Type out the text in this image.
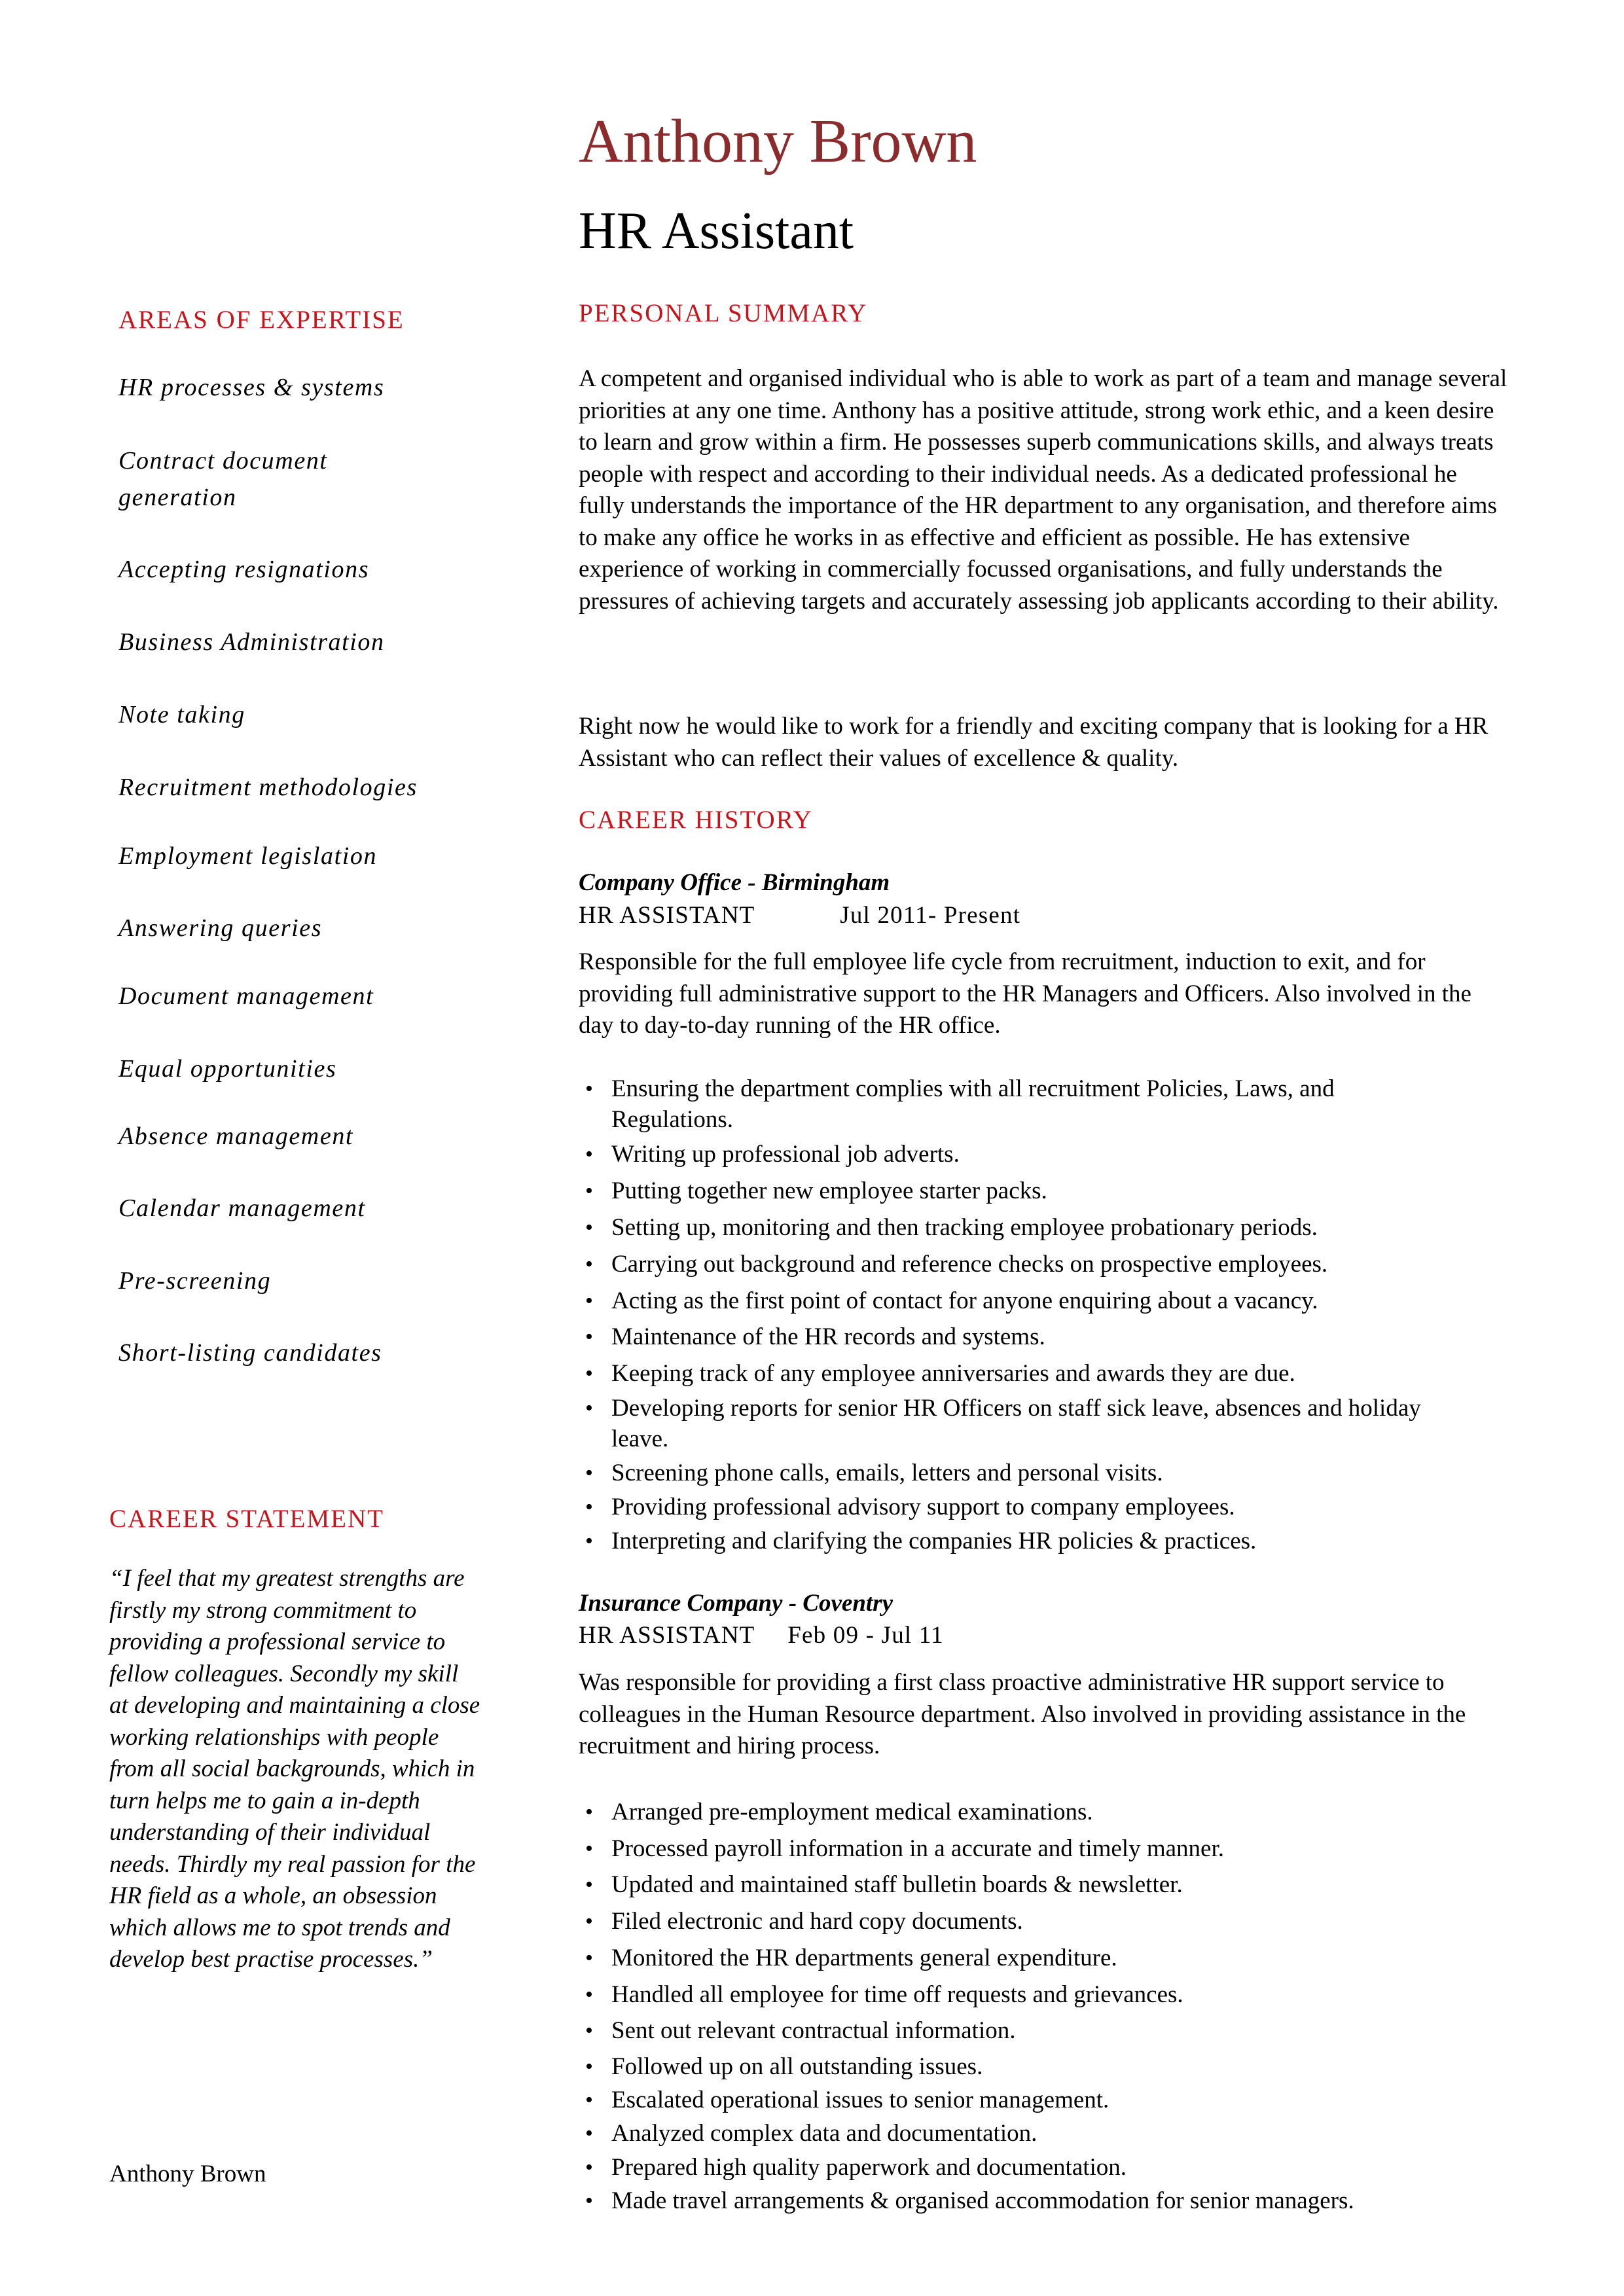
Anthony Brown
HR Assistant
AREAS OF EXPERTISE
HR processes & systems
Contract document generation
Accepting resignations
Business Administration
Note taking
Recruitment methodologies
Employment legislation
Answering queries
Document management
Equal opportunities
Absence management
Calendar management
Pre-screening
Short-listing candidates
CAREER STATEMENT
“I feel that my greatest strengths are firstly my strong commitment to providing a professional service to fellow colleagues. Secondly my skill at developing and maintaining a close working relationships with people from all social backgrounds, which in turn helps me to gain a in-depth understanding of their individual needs. Thirdly my real passion for the HR field as a whole, an obsession which allows me to spot trends and develop best practise processes.”
Anthony Brown
PERSONAL SUMMARY
A competent and organised individual who is able to work as part of a team and manage several priorities at any one time. Anthony has a positive attitude, strong work ethic, and a keen desire to learn and grow within a firm. He possesses superb communications skills, and always treats people with respect and according to their individual needs. As a dedicated professional he fully understands the importance of the HR department to any organisation, and therefore aims to make any office he works in as effective and efficient as possible. He has extensive experience of working in commercially focussed organisations, and fully understands the pressures of achieving targets and accurately assessing job applicants according to their ability.
Right now he would like to work for a friendly and exciting company that is looking for a HR Assistant who can reflect their values of excellence & quality.
CAREER HISTORY
Company Office - Birmingham
HR ASSISTANT	Jul 2011- Present
Responsible for the full employee life cycle from recruitment, induction to exit, and for providing full administrative support to the HR Managers and Officers. Also involved in the day to day-to-day running of the HR office.
• Ensuring the department complies with all recruitment Policies, Laws, and Regulations.
• Writing up professional job adverts.
• Putting together new employee starter packs.
• Setting up, monitoring and then tracking employee probationary periods.
• Carrying out background and reference checks on prospective employees.
• Acting as the first point of contact for anyone enquiring about a vacancy.
• Maintenance of the HR records and systems.
• Keeping track of any employee anniversaries and awards they are due.
• Developing reports for senior HR Officers on staff sick leave, absences and holiday leave.
• Screening phone calls, emails, letters and personal visits.
• Providing professional advisory support to company employees.
• Interpreting and clarifying the companies HR policies & practices.
Insurance Company - Coventry
HR ASSISTANT Feb 09 - Jul 11
Was responsible for providing a first class proactive administrative HR support service to colleagues in the Human Resource department. Also involved in providing assistance in the recruitment and hiring process.
• Arranged pre-employment medical examinations.
• Processed payroll information in a accurate and timely manner.
• Updated and maintained staff bulletin boards & newsletter.
• Filed electronic and hard copy documents.
• Monitored the HR departments general expenditure.
• Handled all employee for time off requests and grievances.
• Sent out relevant contractual information.
• Followed up on all outstanding issues.
• Escalated operational issues to senior management.
• Analyzed complex data and documentation.
• Prepared high quality paperwork and documentation.
• Made travel arrangements & organised accommodation for senior managers.
